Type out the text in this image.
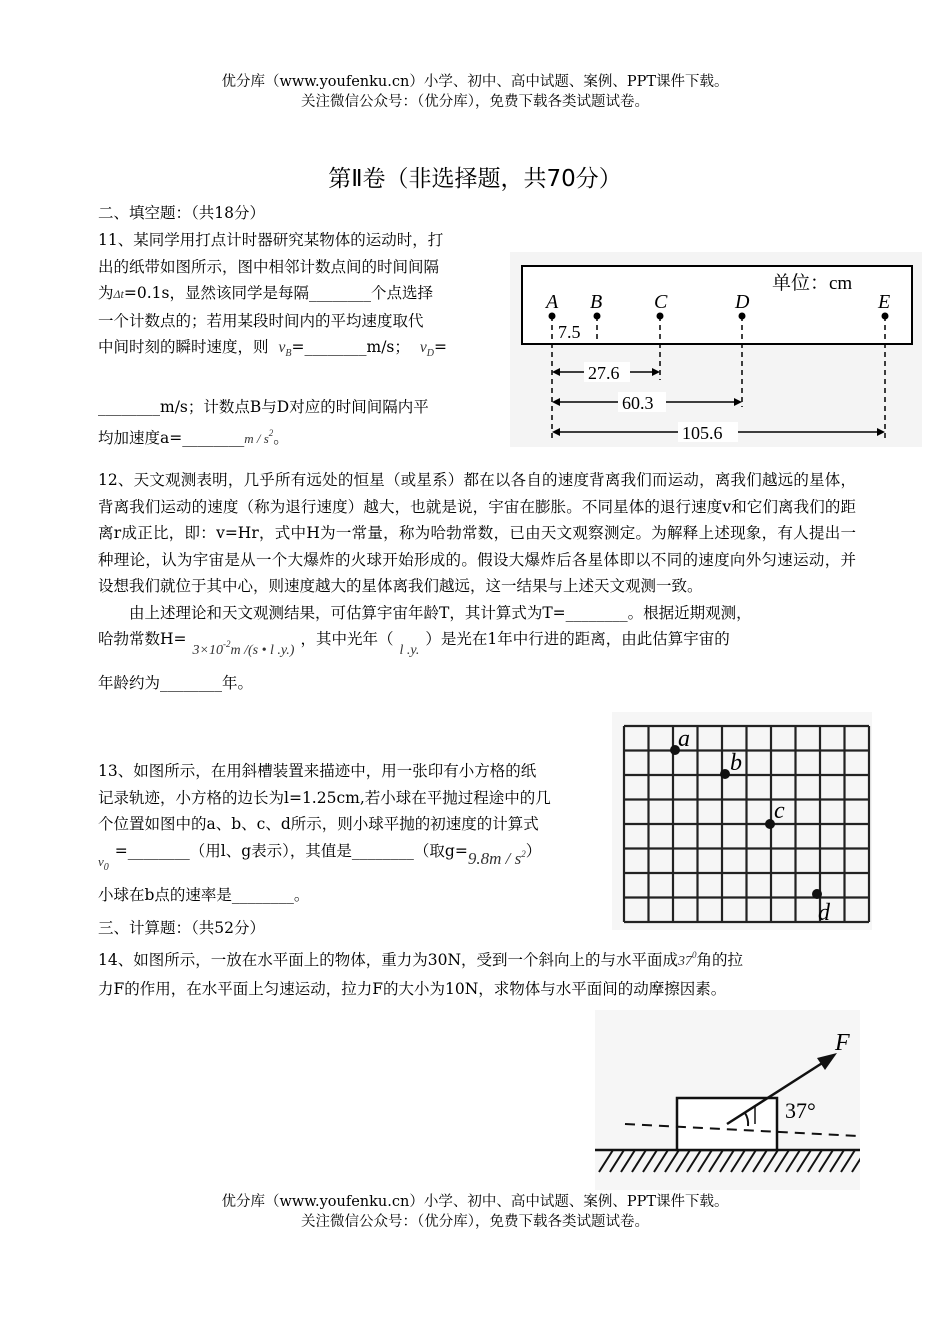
优分库（www.youfenku.cn）小学、初中、高中试题、案例、PPT课件下载。
关注微信公众号：（优分库），免费下载各类试题试卷。
第Ⅱ卷（非选择题，共70分）
二、填空题：（共18分）
11、某同学用打点计时器研究某物体的运动时，打
出的纸带如图所示，图中相邻计数点间的时间间隔
为Δt=0.1s，显然该同学是每隔________个点选择
一个计数点的；若用某段时间内的平均速度取代
中间时刻的瞬时速度，则 $v_B=\_\_\_\_\_\_\_\_m/s$； $v_D=$
________m/s；计数点B与D对应的时间间隔内平
均加速度a=________m / $s^2$。
单位：cm
A B	C	D	E
7.5
27.6
60.3
105.6
12、天文观测表明，几乎所有远处的恒星（或星系）都在以各自的速度背离我们而运动，离我们越远的星体，背离我们运动的速度（称为退行速度）越大，也就是说，宇宙在膨胀。不同星体的退行速度v和它们离我们的距离r成正比，即：v=Hr，式中H为一常量，称为哈勃常数，已由天文观察测定。为解释上述现象，有人提出一种理论，认为宇宙是从一个大爆炸的火球开始形成的。假设大爆炸后各星体即以不同的速度向外匀速运动，并设想我们就位于其中心，则速度越大的星体离我们越远，这一结果与上述天文观测一致。
由上述理论和天文观测结果，可估算宇宙年龄T，其计算式为T=________。根据近期观测，
哈勃常数$H=3\times 10^{-2}m$ /(s • l .y.)，其中光年（l .y.）是光在1年中行进的距离，由此估算宇宙的
年龄约为________年。
a
b
c
d
13、如图所示，在用斜槽装置来描迹中，用一张印有小方格的纸
记录轨迹，小方格的边长为l=1.25cm,若小球在平抛过程途中的几
个位置如图中的a、b、c、d所示，则小球平抛的初速度的计算式
$_{v_0}$=________（用l、g表示），其值是________（取$g=9.8m / s^2$）
小球在b点的速率是________。
三、计算题：（共52分）
14、如图所示，一放在水平面上的物体，重力为30N，受到一个斜向上的与水平面成$37^0$角的拉
力F的作用，在水平面上匀速运动，拉力F的大小为10N，求物体与水平面间的动摩擦因素。
F
37°
优分库（www.youfenku.cn）小学、初中、高中试题、案例、PPT课件下载。
关注微信公众号：（优分库），免费下载各类试题试卷。
